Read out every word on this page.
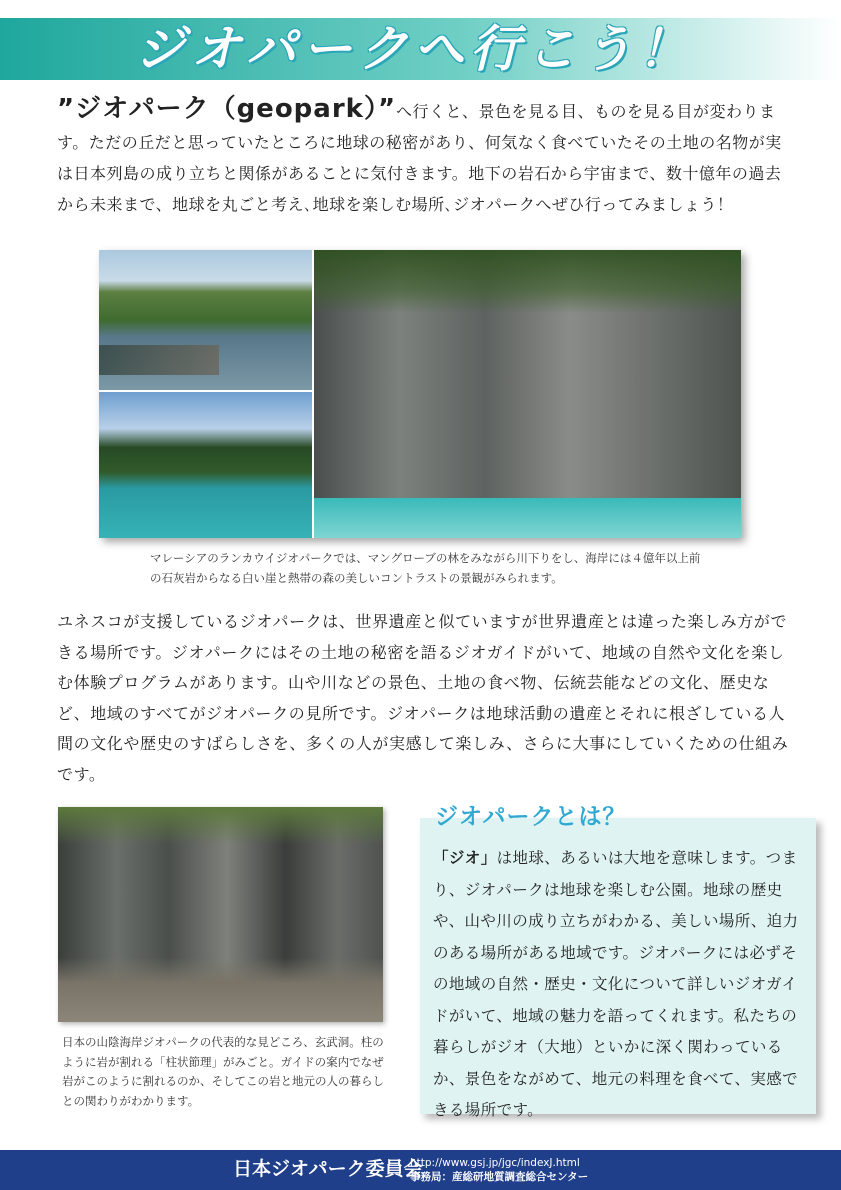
ジオパークへ行こう！
”ジオパーク（geopark）”へ行くと、景色を見る目、ものを見る目が変わります。ただの丘だと思っていたところに地球の秘密があり、何気なく食べていたその土地の名物が実は日本列島の成り立ちと関係があることに気付きます。地下の岩石から宇宙まで、数十億年の過去から未来まで、地球を丸ごと考え､地球を楽しむ場所､ジオパークへぜひ行ってみましょう！
マレーシアのランカウイジオパークでは、マングローブの林をみながら川下りをし、海岸には４億年以上前の石灰岩からなる白い崖と熱帯の森の美しいコントラストの景観がみられます。
ユネスコが支援しているジオパークは、世界遺産と似ていますが世界遺産とは違った楽しみ方ができる場所です。ジオパークにはその土地の秘密を語るジオガイドがいて、地域の自然や文化を楽しむ体験プログラムがあります。山や川などの景色、土地の食べ物、伝統芸能などの文化、歴史など、地域のすべてがジオパークの見所です。ジオパークは地球活動の遺産とそれに根ざしている人間の文化や歴史のすばらしさを、多くの人が実感して楽しみ、さらに大事にしていくための仕組みです。
日本の山陰海岸ジオパークの代表的な見どころ、玄武洞。柱のように岩が割れる「柱状節理」がみごと。ガイドの案内でなぜ岩がこのように割れるのか、そしてこの岩と地元の人の暮らしとの関わりがわかります。
ジオパークとは？
「ジオ」は地球、あるいは大地を意味します。つまり、ジオパークは地球を楽しむ公園。地球の歴史や、山や川の成り立ちがわかる、美しい場所、迫力のある場所がある地域です。ジオパークには必ずその地域の自然・歴史・文化について詳しいジオガイドがいて、地域の魅力を語ってくれます。私たちの暮らしがジオ（大地）といかに深く関わっているか、景色をながめて、地元の料理を食べて、実感できる場所です。
日本ジオパーク委員会
http://www.gsj.jp/jgc/indexJ.html
事務局：産総研地質調査総合センター
